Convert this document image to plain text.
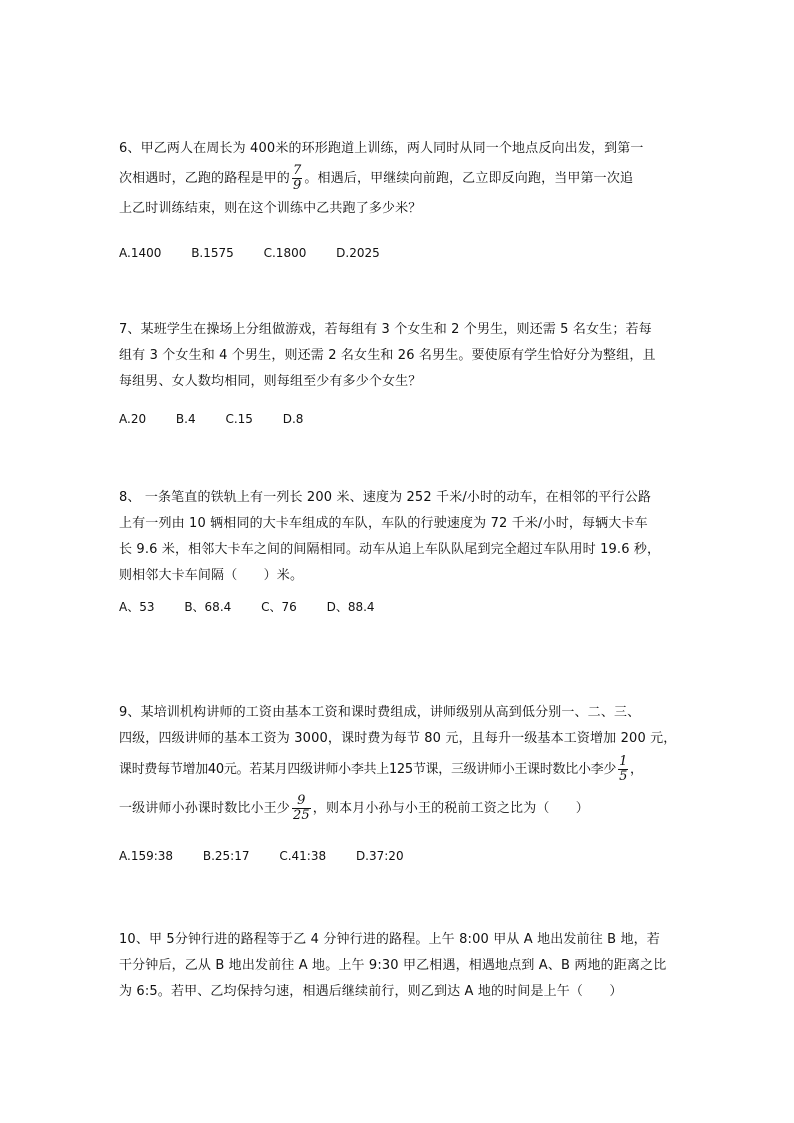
6、甲乙两人在周长为 400米的环形跑道上训练，两人同时从同一个地点反向出发，到第一
次相遇时，乙跑的路程是甲的 $\frac{7}{9}$ 。相遇后，甲继续向前跑，乙立即反向跑，当甲第一次追
上乙时训练结束，则在这个训练中乙共跑了多少米？
A.1400 B.1575 C.1800 D.2025
7、某班学生在操场上分组做游戏，若每组有 3 个女生和 2 个男生，则还需 5 名女生；若每
组有 3 个女生和 4 个男生，则还需 2 名女生和 26 名男生。要使原有学生恰好分为整组，且
每组男、女人数均相同，则每组至少有多少个女生？
A.20 B.4 C.15 D.8
8、 一条笔直的铁轨上有一列长 200 米、速度为 252 千米/小时的动车，在相邻的平行公路
上有一列由 10 辆相同的大卡车组成的车队，车队的行驶速度为 72 千米/小时，每辆大卡车
长 9.6 米，相邻大卡车之间的间隔相同。动车从追上车队队尾到完全超过车队用时 19.6 秒，
则相邻大卡车间隔（　　）米。
A、53 B、68.4 C、76 D、88.4
9、某培训机构讲师的工资由基本工资和课时费组成，讲师级别从高到低分别一、二、三、
四级，四级讲师的基本工资为 3000，课时费为每节 80 元，且每升一级基本工资增加 200 元，
课时费每节增加40元。若某月四级讲师小李共上125节课，三级讲师小王课时数比小李少 $\frac{1}{5}$ ，
一级讲师小孙课时数比小王少 $\frac{9}{25}$ ，则本月小孙与小王的税前工资之比为（　　）
A.159:38 B.25:17 C.41:38 D.37:20
10、甲 5分钟行进的路程等于乙 4 分钟行进的路程。上午 8:00 甲从 A 地出发前往 B 地，若
干分钟后，乙从 B 地出发前往 A 地。上午 9:30 甲乙相遇，相遇地点到 A、B 两地的距离之比
为 6:5。若甲、乙均保持匀速，相遇后继续前行，则乙到达 A 地的时间是上午（　　）
